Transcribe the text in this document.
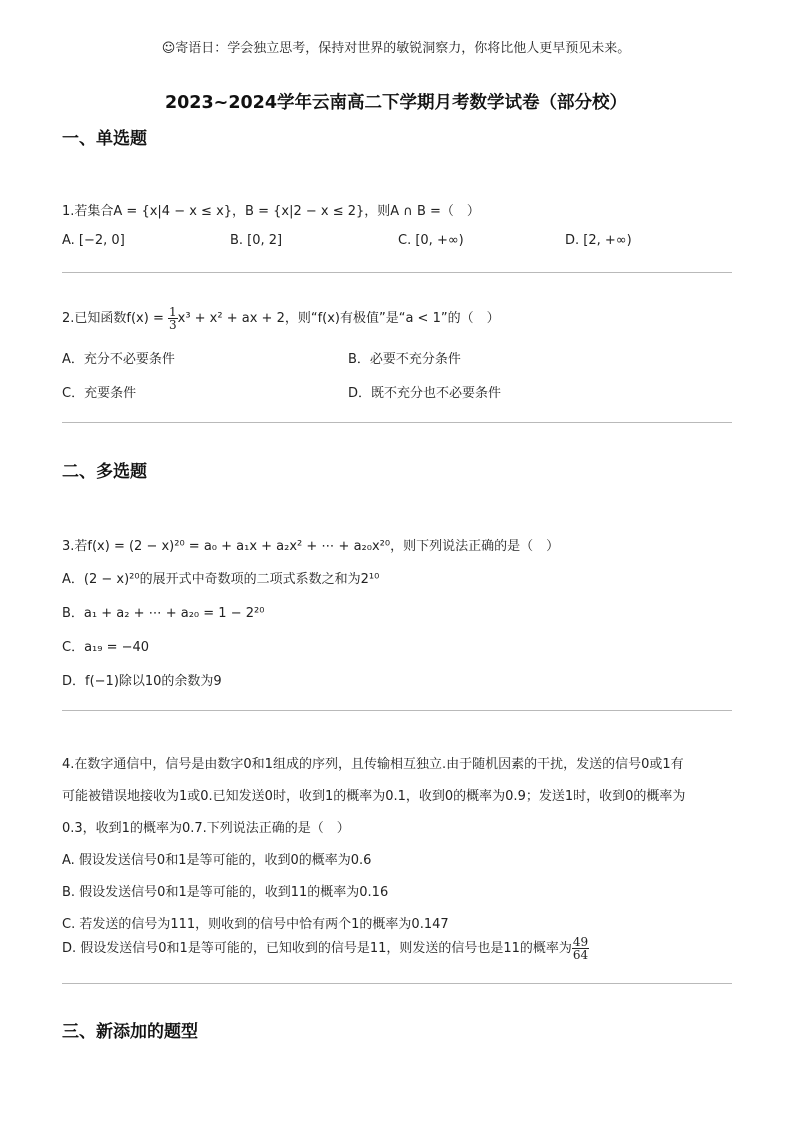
☺寄语日：学会独立思考，保持对世界的敏锐洞察力，你将比他人更早预见未来。
2023~2024学年云南高二下学期月考数学试卷（部分校）
一、单选题
1.若集合A = {x|4 − x ≤ x}，B = {x|2 − x ≤ 2}，则A ∩ B =（　）
A. [−2, 0]	B. [0, 2]	C. [0, +∞)	D. [2, +∞)
2.已知函数$f(x) = \frac{1}{3} x^3 + x^2$ + ax + 2，则“f(x)有极值”是“a < 1”的（　）
A．充分不必要条件	B．必要不充分条件
C．充要条件	D．既不充分也不必要条件
二、多选题
3.若f(x) = (2 − x)²⁰ = a₀ + a₁x + a₂x² + ⋯ + a₂₀x²⁰，则下列说法正确的是（　）
A．(2 − x)²⁰的展开式中奇数项的二项式系数之和为2¹⁰
B．a₁ + a₂ + ⋯ + a₂₀ = 1 − 2²⁰
C．a₁₉ = −40
D．f(−1)除以10的余数为9
4.在数字通信中，信号是由数字0和1组成的序列，且传输相互独立.由于随机因素的干扰，发送的信号0或1有
可能被错误地接收为1或0.已知发送0时，收到1的概率为0.1，收到0的概率为0.9；发送1时，收到0的概率为
0.3，收到1的概率为0.7.下列说法正确的是（　）
A. 假设发送信号0和1是等可能的，收到0的概率为0.6
B. 假设发送信号0和1是等可能的，收到11的概率为0.16
C. 若发送的信号为111，则收到的信号中恰有两个1的概率为0.147
D. 假设发送信号0和1是等可能的，已知收到的信号是11，则发送的信号也是11的概率为 $\frac{49}{64}$
三、新添加的题型
